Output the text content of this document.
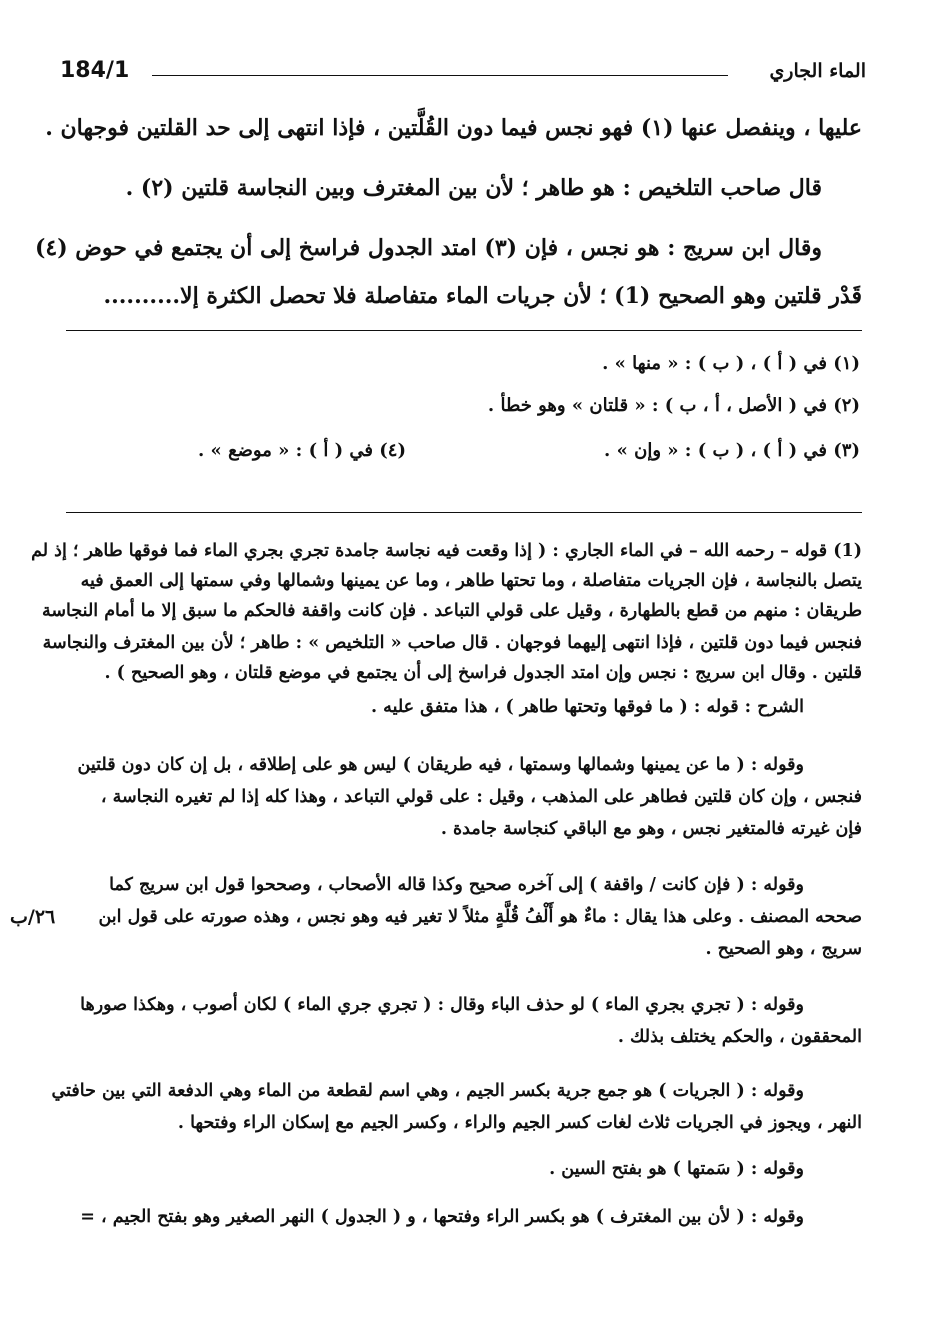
184/1	الماء الجاري
عليها ، وينفصل عنها (١) فهو نجس فيما دون القُلَّتين ، فإذا انتهى إلى حد القلتين فوجهان .
قال صاحب التلخيص : هو طاهر ؛ لأن بين المغترف وبين النجاسة قلتين (٢) .
وقال ابن سريج : هو نجس ، فإن (٣) امتد الجدول فراسخ إلى أن يجتمع في حوض (٤)
قَدْر قلتين وهو الصحيح (1) ؛ لأن جريات الماء متفاصلة فلا تحصل الكثرة إلا..........
(١) في ( أ ) ، ( ب ) : « منها » .
(٢) في ( الأصل ، أ ، ب ) : « قلتان » وهو خطأ .
(٣) في ( أ ) ، ( ب ) : « وإن » .
(٤) في ( أ ) : « موضع » .
(1) قوله – رحمه الله – في الماء الجاري : ( إذا وقعت فيه نجاسة جامدة تجري بجري الماء فما فوقها طاهر ؛ إذ لم
يتصل بالنجاسة ، فإن الجريات متفاصلة ، وما تحتها طاهر ، وما عن يمينها وشمالها وفي سمتها إلى العمق فيه
طريقان : منهم من قطع بالطهارة ، وقيل على قولي التباعد . فإن كانت واقفة فالحكم ما سبق إلا ما أمام النجاسة
فنجس فيما دون قلتين ، فإذا انتهى إليهما فوجهان . قال صاحب « التلخيص » : طاهر ؛ لأن بين المغترف والنجاسة
قلتين . وقال ابن سريج : نجس وإن امتد الجدول فراسخ إلى أن يجتمع في موضع قلتان ، وهو الصحيح ) .
الشرح : قوله : ( ما فوقها وتحتها طاهر ) ، هذا متفق عليه .
وقوله : ( ما عن يمينها وشمالها وسمتها ، فيه طريقان ) ليس هو على إطلاقه ، بل إن كان دون قلتين
فنجس ، وإن كان قلتين فطاهر على المذهب ، وقيل : على قولي التباعد ، وهذا كله إذا لم تغيره النجاسة ،
فإن غيرته فالمتغير نجس ، وهو مع الباقي كنجاسة جامدة .
وقوله : ( فإن كانت / واقفة ) إلى آخره صحيح وكذا قاله الأصحاب ، وصححوا قول ابن سريج كما
صححه المصنف . وعلى هذا يقال : ماءٌ هو أَلْفُ قُلَّةٍ مثلاً لا تغير فيه وهو نجس ، وهذه صورته على قول ابن
سريج ، وهو الصحيح .
وقوله : ( تجري بجري الماء ) لو حذف الباء وقال : ( تجري جري الماء ) لكان أصوب ، وهكذا صورها
المحققون ، والحكم يختلف بذلك .
وقوله : ( الجريات ) هو جمع جرية بكسر الجيم ، وهي اسم لقطعة من الماء وهي الدفعة التي بين حافتي
النهر ، ويجوز في الجريات ثلاث لغات كسر الجيم والراء ، وكسر الجيم مع إسكان الراء وفتحها .
وقوله : ( سَمتها ) هو بفتح السين .
وقوله : ( لأن بين المغترف ) هو بكسر الراء وفتحها ، و ( الجدول ) النهر الصغير وهو بفتح الجيم ، =
٢٦/ب
